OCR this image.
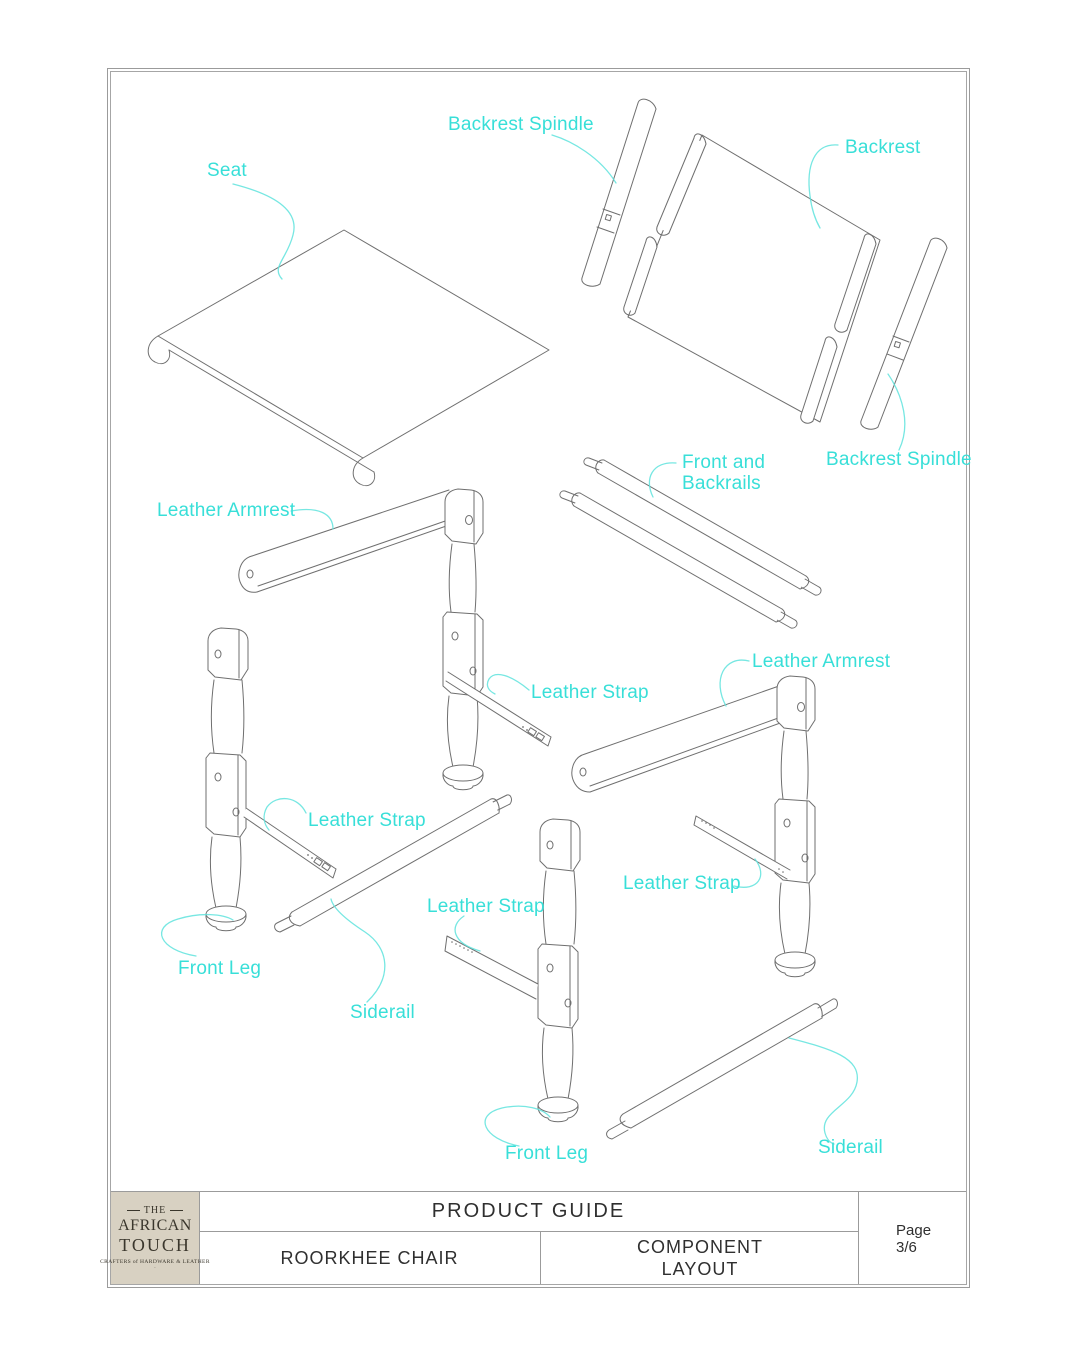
Seat
Backrest Spindle
Backrest
Front and Backrails
Backrest Spindle
Leather Armrest
Leather Strap
Leather Armrest
Leather Strap
Leather Strap
Leather Strap
Front Leg
Siderail
Front Leg	Siderail
THE
AFRICAN
TOUCH
CRAFTERS of HARDWARE & LEATHER
·
PRODUCT GUIDE
ROORKHEE CHAIR
COMPONENT
LAYOUT
Page
3/6
